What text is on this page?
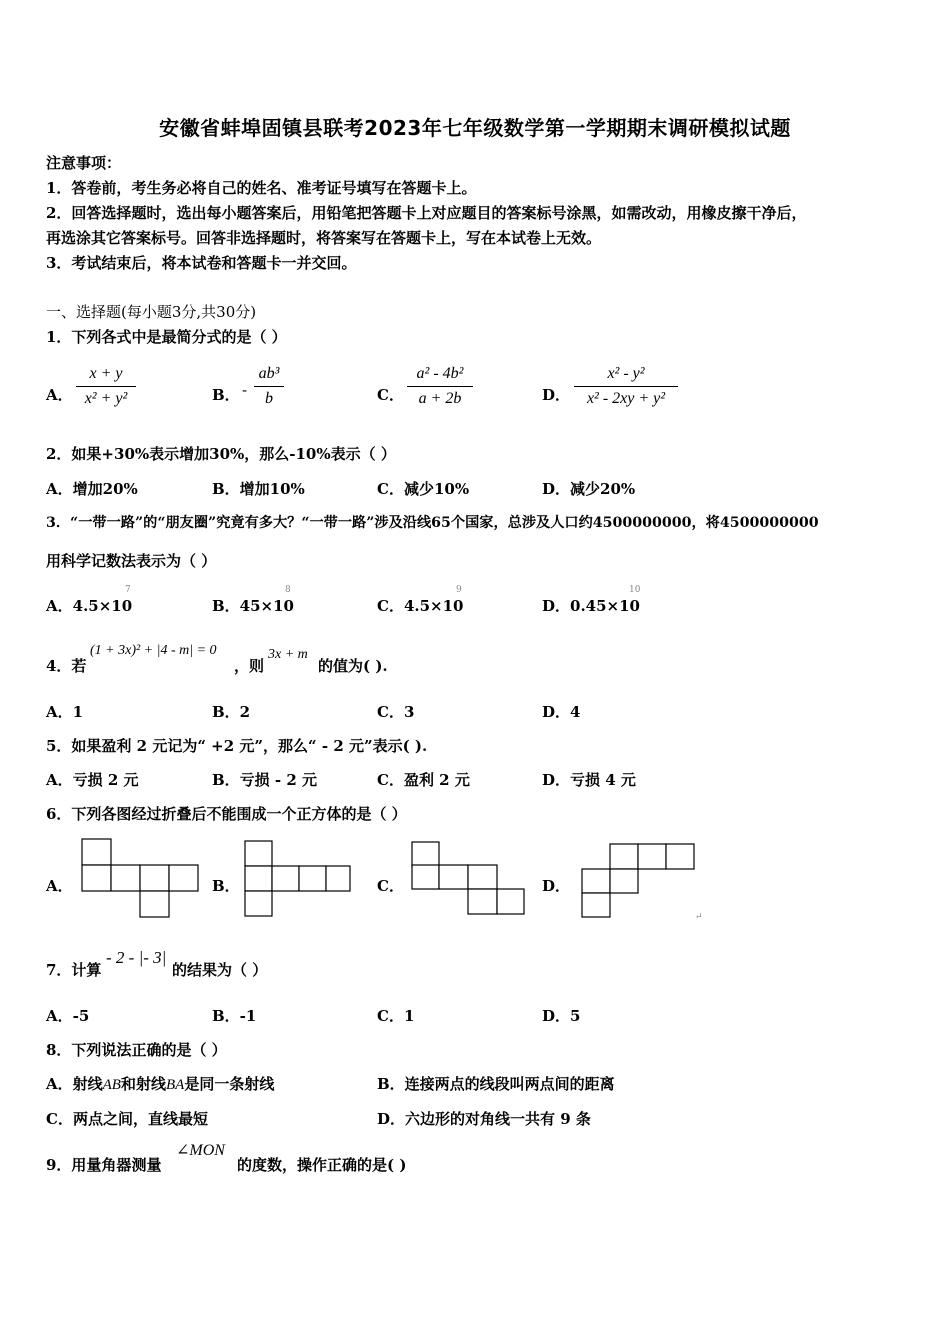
安徽省蚌埠固镇县联考2023年七年级数学第一学期期末调研模拟试题
注意事项：
1．答卷前，考生务必将自己的姓名、准考证号填写在答题卡上。
2．回答选择题时，选出每小题答案后，用铅笔把答题卡上对应题目的答案标号涂黑，如需改动，用橡皮擦干净后，
再选涂其它答案标号。回答非选择题时，将答案写在答题卡上，写在本试卷上无效。
3．考试结束后，将本试卷和答题卡一并交回。
一、选择题(每小题3分,共30分)
1．下列各式中是最简分式的是（ ）
A．
x + y
x² + y²	B． -
ab³
b	C．
a² - 4b²
a + 2b	D．
x² - y²
x² - 2xy + y²
2．如果+30%表示增加30%，那么-10%表示（ ）
A．增加20%	B．增加10%	C．减少10%	D．减少20%
3．“一带一路”的“朋友圈”究竟有多大？“一带一路”涉及沿线65个国家，总涉及人口约4500000000，将4500000000
用科学记数法表示为（ ）
A．4.5×10
7
B．45×10
8
C．4.5×10
9
D．0.45×10
10
4．若
(1 + 3x)² + |4 - m| = 0
，则
3x + m
的值为( ).
A．1	B．2	C．3	D．4
5．如果盈利 2 元记为“ +2 元”，那么“ - 2 元”表示( ).
A．亏损 2 元	B．亏损 - 2 元	C．盈利 2 元	D．亏损 4 元
6．下列各图经过折叠后不能围成一个正方体的是（ ）
A．	B．	C．	D．
↵
7．计算
- 2 - |- 3|
的结果为（ ）
A．-5	B．-1	C．1	D．5
8．下列说法正确的是（ ）
A．射线AB和射线BA是同一条射线	B．连接两点的线段叫两点间的距离
C．两点之间，直线最短	D．六边形的对角线一共有 9 条
9．用量角器测量
∠MON
的度数，操作正确的是( )
